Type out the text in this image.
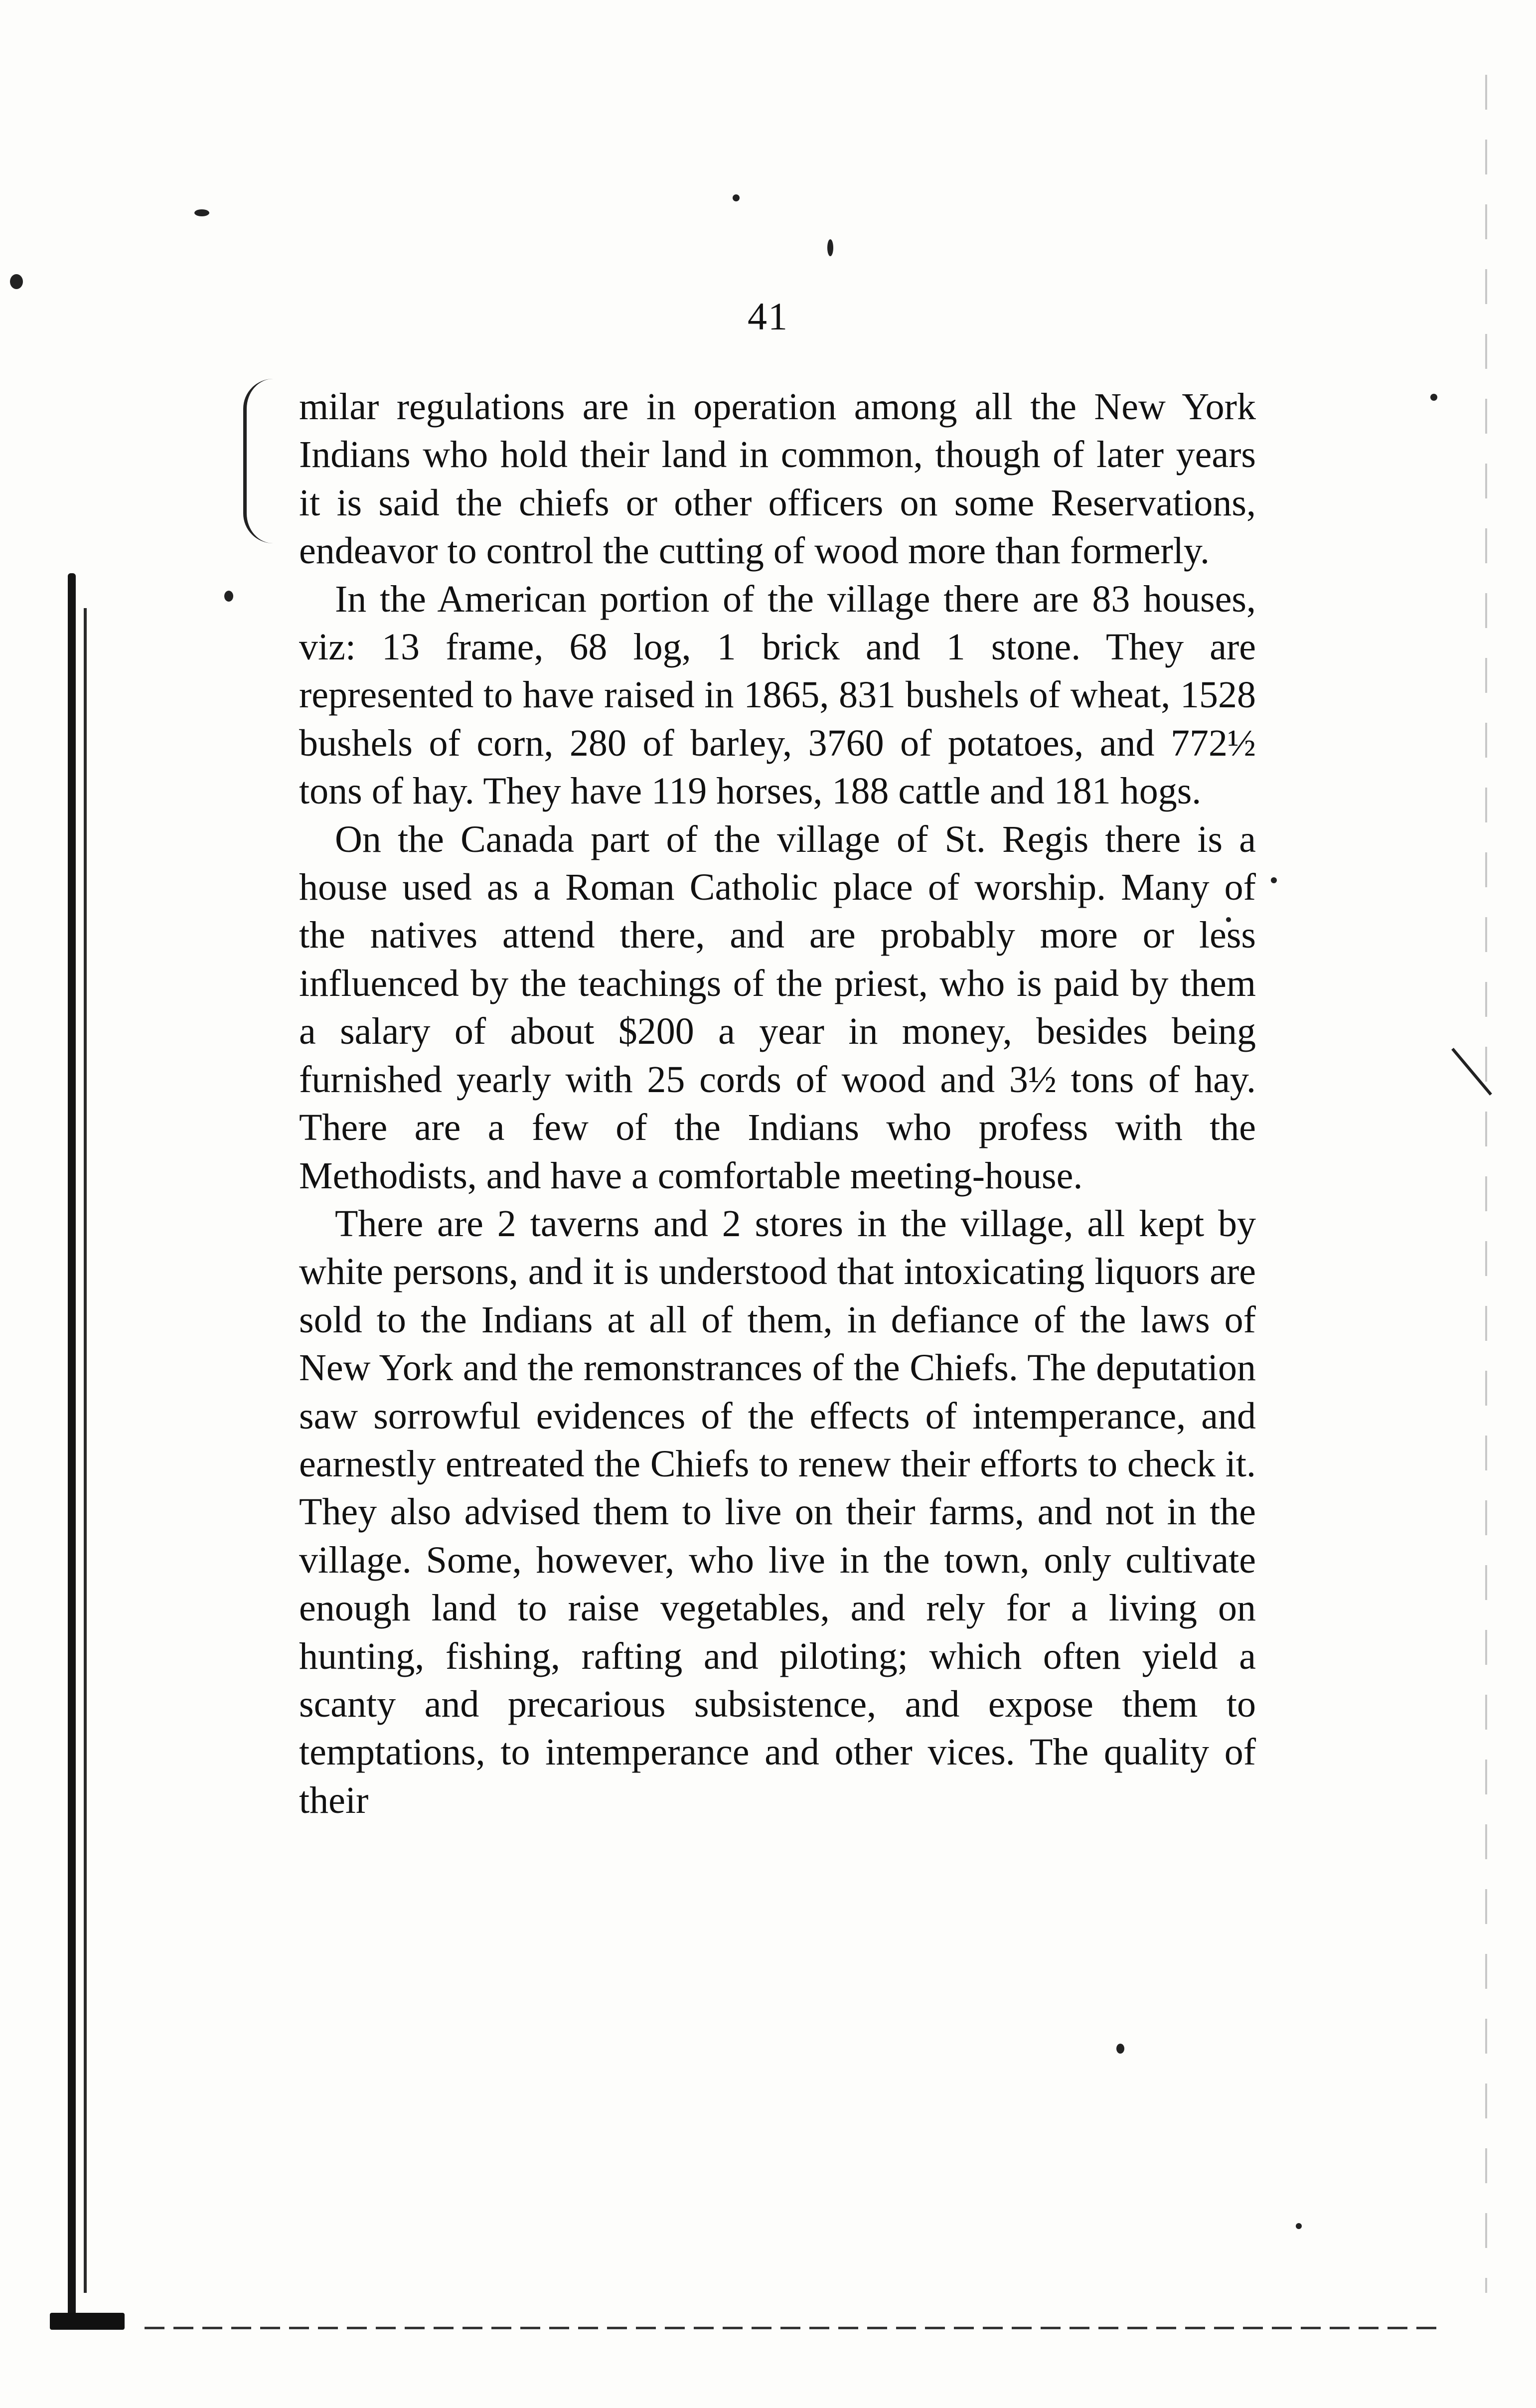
41

milar regulations are in operation among all the New York Indians who hold their land in common, though of later years it is said the chiefs or other officers on some Reservations, endeavor to control the cutting of wood more than formerly.

In the American portion of the village there are 83 houses, viz: 13 frame, 68 log, 1 brick and 1 stone. They are represented to have raised in 1865, 831 bushels of wheat, 1528 bushels of corn, 280 of barley, 3760 of potatoes, and 772½ tons of hay. They have 119 horses, 188 cattle and 181 hogs.

On the Canada part of the village of St. Regis there is a house used as a Roman Catholic place of worship. Many of the natives attend there, and are probably more or less influenced by the teachings of the priest, who is paid by them a salary of about $200 a year in money, besides being furnished yearly with 25 cords of wood and 3½ tons of hay. There are a few of the Indians who profess with the Methodists, and have a comfortable meeting-house.

There are 2 taverns and 2 stores in the village, all kept by white persons, and it is understood that intoxicating liquors are sold to the Indians at all of them, in defiance of the laws of New York and the remonstrances of the Chiefs. The deputation saw sorrowful evidences of the effects of intemperance, and earnestly entreated the Chiefs to renew their efforts to check it. They also advised them to live on their farms, and not in the village. Some, however, who live in the town, only cultivate enough land to raise vegetables, and rely for a living on hunting, fishing, rafting and piloting; which often yield a scanty and precarious subsistence, and expose them to temptations, to intemperance and other vices. The quality of their
